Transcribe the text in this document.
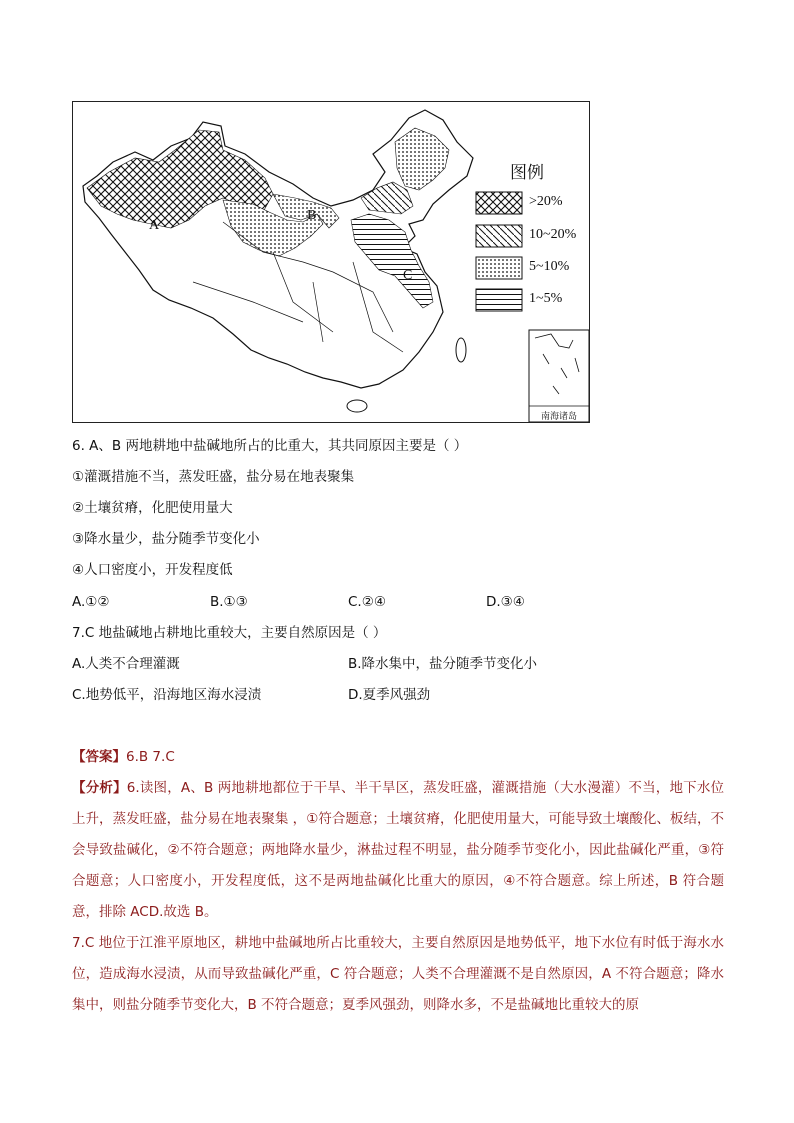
图例
>20%
10~20%
5~10%
1~5%
A
B
C
南海诸岛
6. A、B 两地耕地中盐碱地所占的比重大，其共同原因主要是（ ）
①灌溉措施不当，蒸发旺盛，盐分易在地表聚集
②土壤贫瘠，化肥使用量大
③降水量少，盐分随季节变化小
④人口密度小，开发程度低
A.①②	B.①③	C.②④	D.③④
7.C 地盐碱地占耕地比重较大，主要自然原因是（ ）
A.人类不合理灌溉	B.降水集中，盐分随季节变化小
C.地势低平，沿海地区海水浸渍	D.夏季风强劲
【答案】6.B 7.C
【分析】6.读图，A、B 两地耕地都位于干旱、半干旱区，蒸发旺盛，灌溉措施（大水漫灌）不当，地下水位上升，蒸发旺盛，盐分易在地表聚集 ，①符合题意；土壤贫瘠，化肥使用量大，可能导致土壤酸化、板结，不会导致盐碱化，②不符合题意；两地降水量少，淋盐过程不明显，盐分随季节变化小，因此盐碱化严重，③符合题意；人口密度小，开发程度低，这不是两地盐碱化比重大的原因，④不符合题意。综上所述，B 符合题意，排除 ACD.故选 B。
7.C 地位于江淮平原地区，耕地中盐碱地所占比重较大，主要自然原因是地势低平，地下水位有时低于海水水位，造成海水浸渍，从而导致盐碱化严重，C 符合题意；人类不合理灌溉不是自然原因，A 不符合题意；降水集中，则盐分随季节变化大，B 不符合题意；夏季风强劲，则降水多，不是盐碱地比重较大的原
